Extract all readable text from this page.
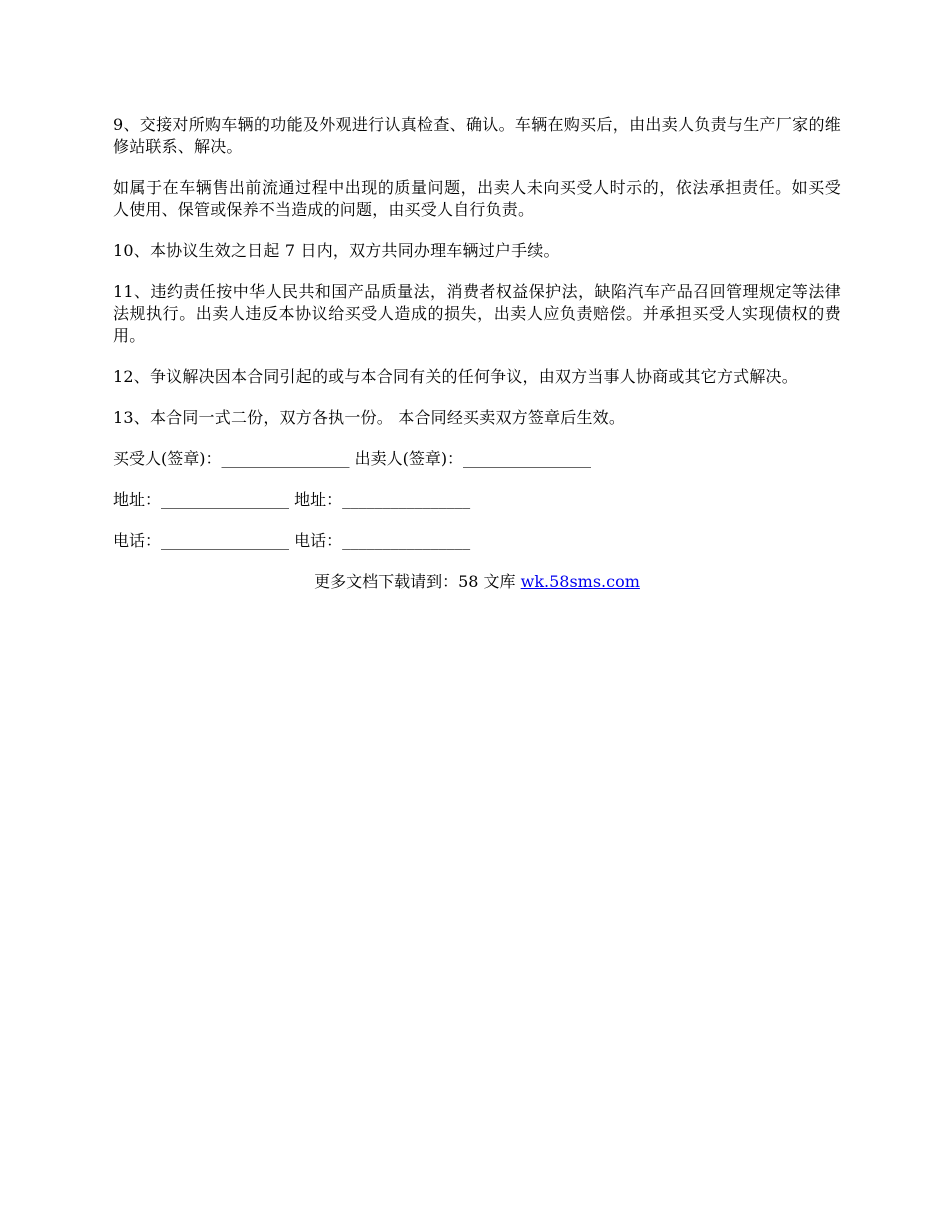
9、交接对所购车辆的功能及外观进行认真检查、确认。车辆在购买后，由出卖人负责与生产厂家的维修站联系、解决。

如属于在车辆售出前流通过程中出现的质量问题，出卖人未向买受人时示的，依法承担责任。如买受人使用、保管或保养不当造成的问题，由买受人自行负责。

10、本协议生效之日起 7 日内，双方共同办理车辆过户手续。

11、违约责任按中华人民共和国产品质量法，消费者权益保护法，缺陷汽车产品召回管理规定等法律法规执行。出卖人违反本协议给买受人造成的损失，出卖人应负责赔偿。并承担买受人实现债权的费用。

12、争议解决因本合同引起的或与本合同有关的任何争议，由双方当事人协商或其它方式解决。

13、本合同一式二份，双方各执一份。 本合同经买卖双方签章后生效。

买受人(签章)：________________ 出卖人(签章)：________________
地址：________________ 地址：________________
电话：________________ 电话：________________
更多文档下载请到：58 文库 wk.58sms.com
